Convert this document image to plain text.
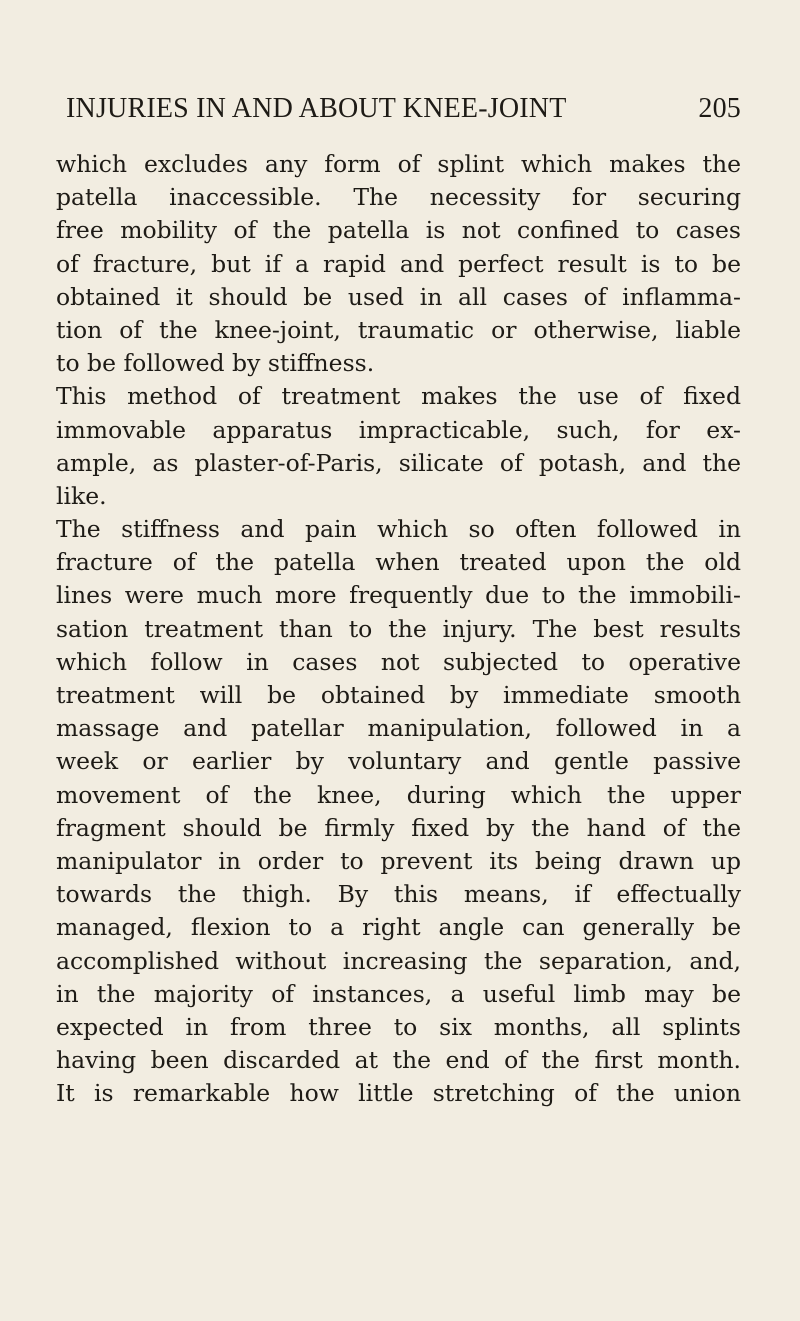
INJURIES IN AND ABOUT KNEE-JOINT	205
which excludes any form of splint which makes the
patella inaccessible. The necessity for securing
free mobility of the patella is not confined to cases
of fracture, but if a rapid and perfect result is to be
obtained it should be used in all cases of inflamma-
tion of the knee-joint, traumatic or otherwise, liable
to be followed by stiffness.
This method of treatment makes the use of fixed
immovable apparatus impracticable, such, for ex-
ample, as plaster-of-Paris, silicate of potash, and the
like.
The stiffness and pain which so often followed in
fracture of the patella when treated upon the old
lines were much more frequently due to the immobili-
sation treatment than to the injury. The best results
which follow in cases not subjected to operative
treatment will be obtained by immediate smooth
massage and patellar manipulation, followed in a
week or earlier by voluntary and gentle passive
movement of the knee, during which the upper
fragment should be firmly fixed by the hand of the
manipulator in order to prevent its being drawn up
towards the thigh. By this means, if effectually
managed, flexion to a right angle can generally be
accomplished without increasing the separation, and,
in the majority of instances, a useful limb may be
expected in from three to six months, all splints
having been discarded at the end of the first month.
It is remarkable how little stretching of the union
